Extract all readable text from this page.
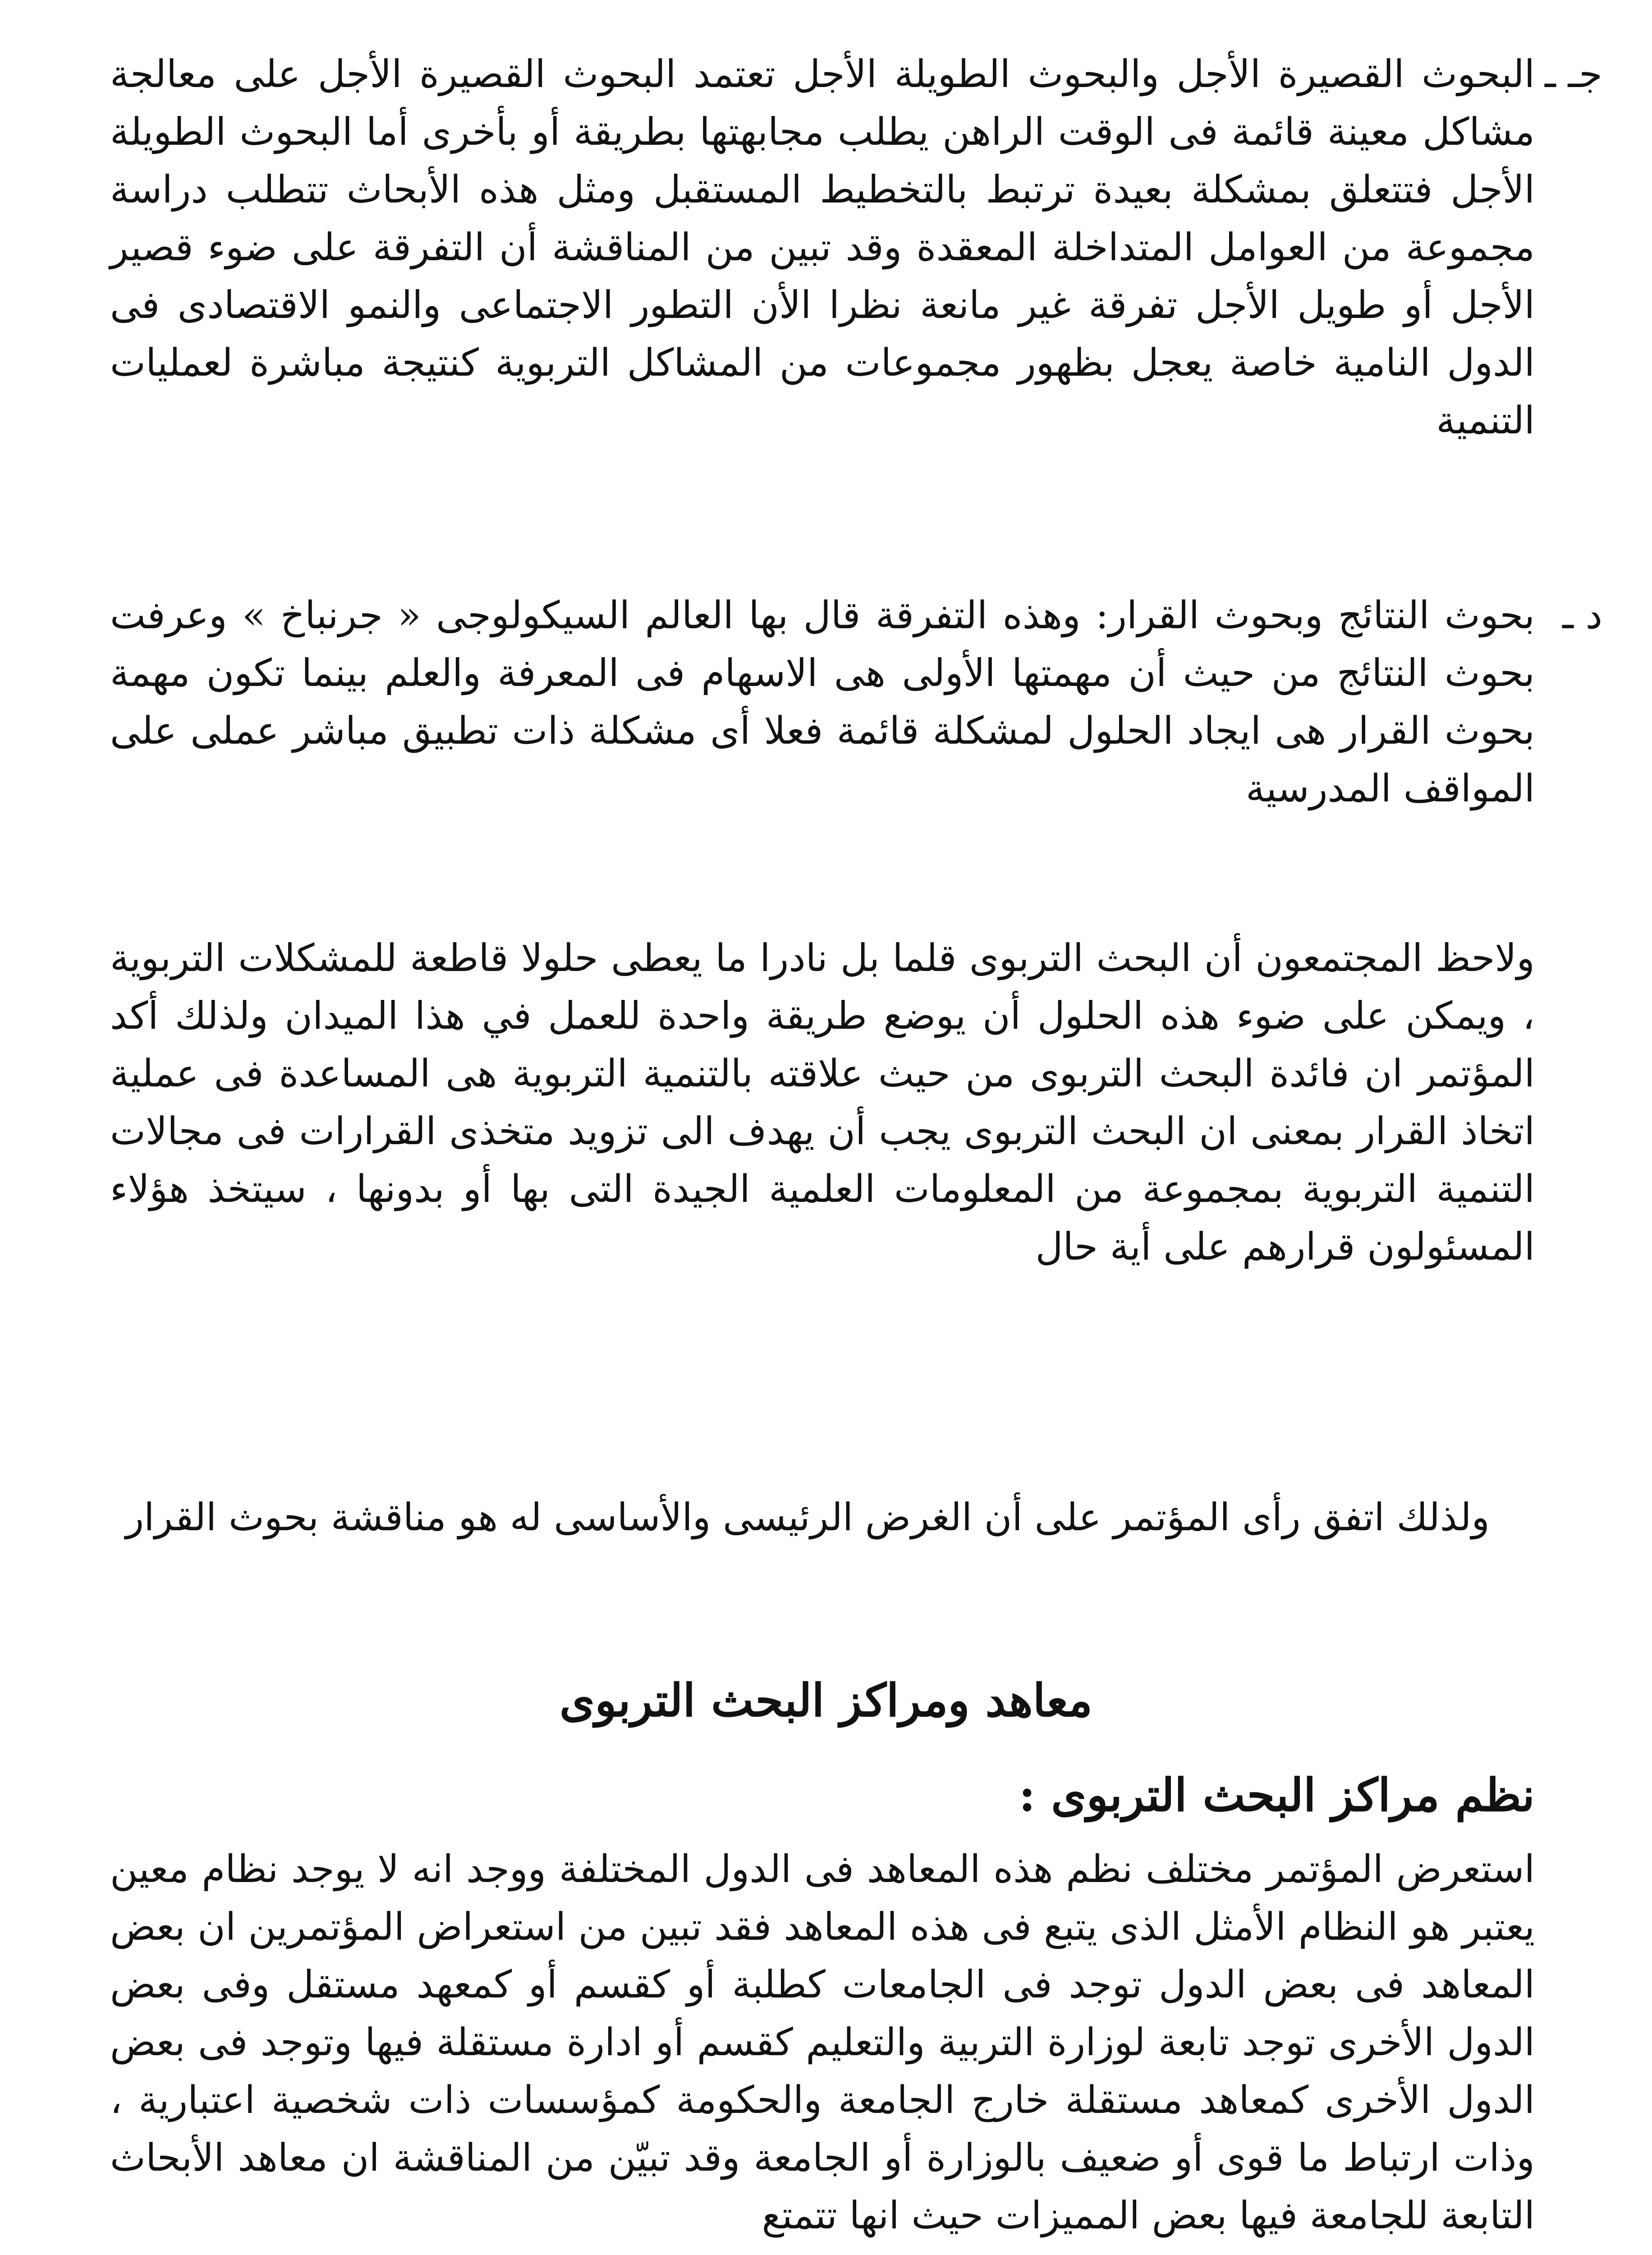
جـ ـ

البحوث القصيرة الأجل والبحوث الطويلة الأجل تعتمد البحوث القصيرة الأجل على معالجة مشاكل معينة قائمة فى الوقت الراهن يطلب مجابهتها بطريقة أو بأخرى أما البحوث الطويلة الأجل فتتعلق بمشكلة بعيدة ترتبط بالتخطيط المستقبل ومثل هذه الأبحاث تتطلب دراسة مجموعة من العوامل المتداخلة المعقدة وقد تبين من المناقشة أن التفرقة على ضوء قصير الأجل أو طويل الأجل تفرقة غير مانعة نظرا الأن التطور الاجتماعى والنمو الاقتصادى فى الدول النامية خاصة يعجل بظهور مجموعات من المشاكل التربوية كنتيجة مباشرة لعمليات التنمية

د ـ

بحوث النتائج وبحوث القرار: وهذه التفرقة قال بها العالم السيكولوجى « جرنباخ » وعرفت بحوث النتائج من حيث أن مهمتها الأولى هى الاسهام فى المعرفة والعلم بينما تكون مهمة بحوث القرار هى ايجاد الحلول لمشكلة قائمة فعلا أى مشكلة ذات تطبيق مباشر عملى على المواقف المدرسية

ولاحظ المجتمعون أن البحث التربوى قلما بل نادرا ما يعطى حلولا قاطعة للمشكلات التربوية ، ويمكن على ضوء هذه الحلول أن يوضع طريقة واحدة للعمل في هذا الميدان ولذلك أكد المؤتمر ان فائدة البحث التربوى من حيث علاقته بالتنمية التربوية هى المساعدة فى عملية اتخاذ القرار بمعنى ان البحث التربوى يجب أن يهدف الى تزويد متخذى القرارات فى مجالات التنمية التربوية بمجموعة من المعلومات العلمية الجيدة التى بها أو بدونها ، سيتخذ هؤلاء المسئولون قرارهم على أية حال

ولذلك اتفق رأى المؤتمر على أن الغرض الرئيسى والأساسى له هو مناقشة بحوث القرار

معاهد ومراكز البحث التربوى
نظم مراكز البحث التربوى :

استعرض المؤتمر مختلف نظم هذه المعاهد فى الدول المختلفة ووجد انه لا يوجد نظام معين يعتبر هو النظام الأمثل الذى يتبع فى هذه المعاهد فقد تبين من استعراض المؤتمرين ان بعض المعاهد فى بعض الدول توجد فى الجامعات كطلبة أو كقسم أو كمعهد مستقل وفى بعض الدول الأخرى توجد تابعة لوزارة التربية والتعليم كقسم أو ادارة مستقلة فيها وتوجد فى بعض الدول الأخرى كمعاهد مستقلة خارج الجامعة والحكومة كمؤسسات ذات شخصية اعتبارية ، وذات ارتباط ما قوى أو ضعيف بالوزارة أو الجامعة وقد تبيّن من المناقشة ان معاهد الأبحاث التابعة للجامعة فيها بعض المميزات حيث انها تتمتع
